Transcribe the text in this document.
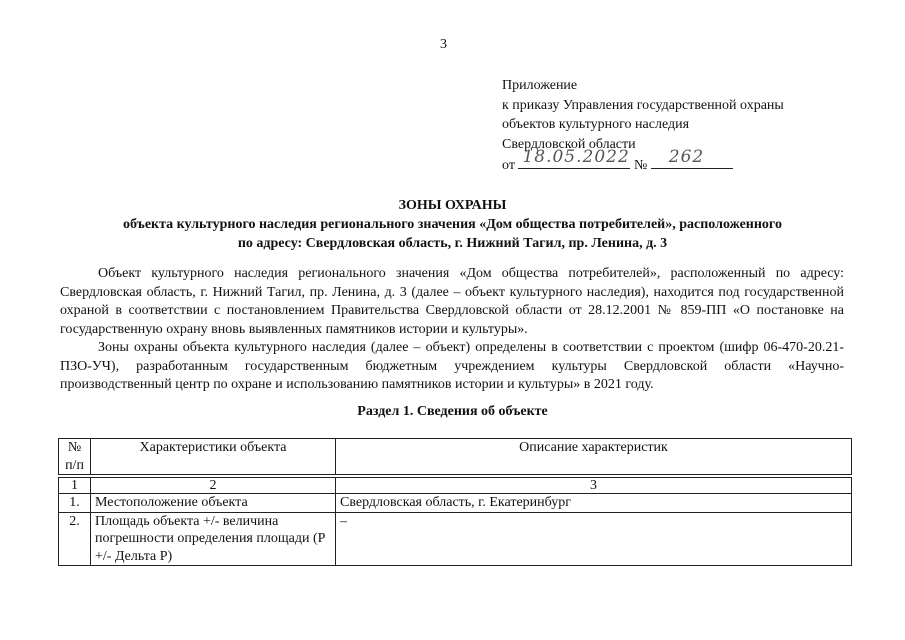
3
Приложение
к приказу Управления государственной охраны
объектов культурного наследия
Свердловской области
от 18.05.2022 № 262
ЗОНЫ ОХРАНЫ
объекта культурного наследия регионального значения «Дом общества потребителей», расположенного
по адресу: Свердловская область, г. Нижний Тагил, пр. Ленина, д. 3

Объект культурного наследия регионального значения «Дом общества потребителей», расположенный по адресу: Свердловская область, г. Нижний Тагил, пр. Ленина, д. 3 (далее – объект культурного наследия), находится под государственной охраной в соответствии с постановлением Правительства Свердловской области от 28.12.2001 № 859-ПП «О постановке на государственную охрану вновь выявленных памятников истории и культуры».

Зоны охраны объекта культурного наследия (далее – объект) определены в соответствии с проектом (шифр 06-470-20.21-ПЗО-УЧ), разработанным государственным бюджетным учреждением культуры Свердловской области «Научно-производственный центр по охране и использованию памятников истории и культуры» в 2021 году.

Раздел 1. Сведения об объекте
№ п/п	Характеристики объекта	Описание характеристик

1	2	3
1.	Местоположение объекта	Свердловская область, г. Екатеринбург
2.	Площадь объекта +/- величина погрешности определения площади (Р +/- Дельта Р)	–
